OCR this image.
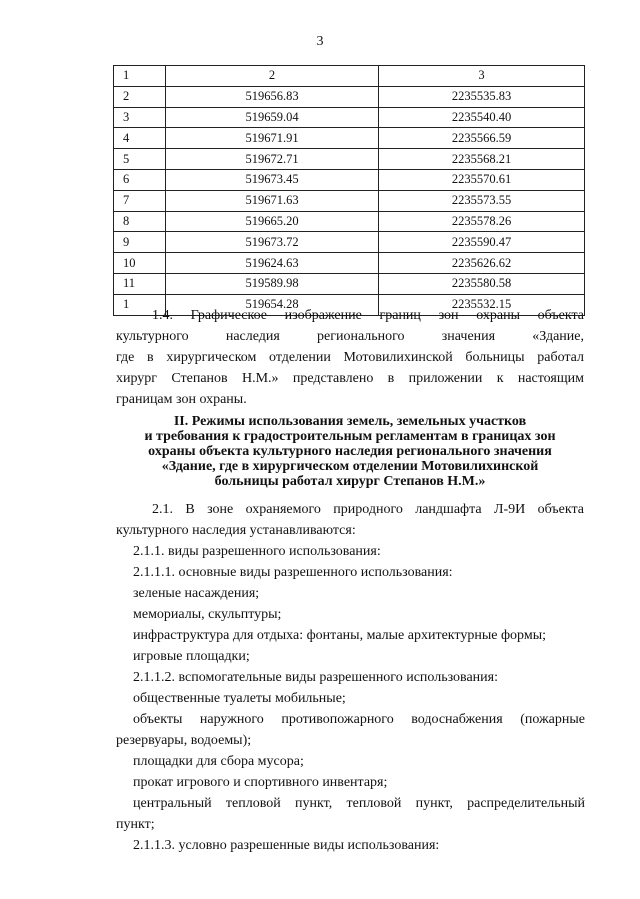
3
1	2	3
2	519656.83	2235535.83
3	519659.04	2235540.40
4	519671.91	2235566.59
5	519672.71	2235568.21
6	519673.45	2235570.61
7	519671.63	2235573.55
8	519665.20	2235578.26
9	519673.72	2235590.47
10	519624.63	2235626.62
11	519589.98	2235580.58
1	519654.28	2235532.15
1.4. Графическое изображение границ зон охраны объекта
культурного наследия регионального значения «Здание,
где в хирургическом отделении Мотовилихинской больницы работал
хирург Степанов Н.М.» представлено в приложении к настоящим
границам зон охраны.
II. Режимы использования земель, земельных участков
и требования к градостроительным регламентам в границах зон
охраны объекта культурного наследия регионального значения
«Здание, где в хирургическом отделении Мотовилихинской
больницы работал хирург Степанов Н.М.»
2.1. В зоне охраняемого природного ландшафта Л-9И объекта
культурного наследия устанавливаются:
2.1.1. виды разрешенного использования:
2.1.1.1. основные виды разрешенного использования:
зеленые насаждения;
мемориалы, скульптуры;
инфраструктура для отдыха: фонтаны, малые архитектурные формы;
игровые площадки;
2.1.1.2. вспомогательные виды разрешенного использования:
общественные туалеты мобильные;
объекты наружного противопожарного водоснабжения (пожарные
резервуары, водоемы);
площадки для сбора мусора;
прокат игрового и спортивного инвентаря;
центральный тепловой пункт, тепловой пункт, распределительный
пункт;
2.1.1.3. условно разрешенные виды использования:
